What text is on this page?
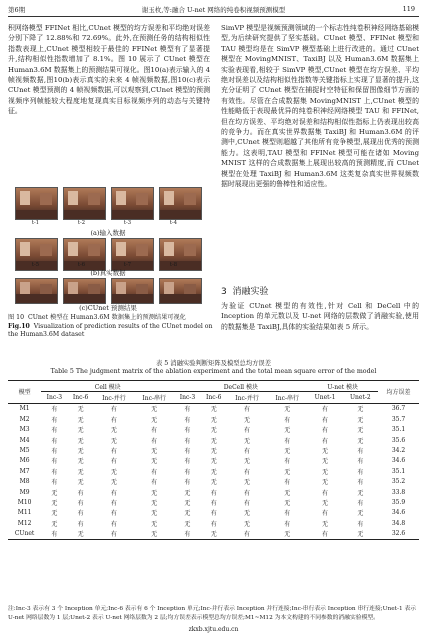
第6期	谢玉枚,等:融合 U-net 网络的纯卷积视频预测模型	119

积网络模型 FFINet 相比,CUnet 模型的均方误差和平均绝对误差分别下降了 12.88%和 72.69%。此外,在预测任务的结构相似性指数表现上,CUnet 模型相较于最佳的 FFINet 模型有了显著提升,结构相似性指数增加了 8.1%。图 10 展示了 CUnet 模型在 Human3.6M 数据集上的预测结果可视化。图10(a)表示输入的 4 帧视频数据,图10(b)表示真实的未来 4 帧视频数据,图10(c)表示 CUnet 模型预测的 4 帧视频数据,可以观察到,CUnet 模型的预测视频序列帧能较大程度地复现真实目标视频序列的动态与关键特征。

t-1	t-2	t-3	t-4
(a)输入数据
t-5	t-6	t-7	t-8
(b)真实数据
(c)CUnet 预测结果
图 10 CUnet 模型在 Human3.6M 数据集上的预测结果可视化
Fig.10 Visualization of prediction results of the CUnet model on the Human3.6M dataset

SimVP 模型是视频预测领域的一个标志性纯卷积神经网络基础模型,为后续研究提供了坚实基础。CUnet 模型、FFINet 模型和 TAU 模型均是在 SimVP 模型基础上进行改进的。通过 CUnet 模型在 MovingMNIST、TaxiBJ 以及 Human3.6M 数据集上实验表现看,相较于 SimVP 模型,CUnet 模型在均方误差、平均绝对误差以及结构相似性指数等关键指标上实现了显著的提升,这充分证明了 CUnet 模型在捕捉时空特征和保留图像细节方面的有效性。尽管在合成数据集 MovingMNIST 上,CUnet 模型的性能略低于表现最优异的纯卷积神经网络模型 TAU 和 FFINet,但在均方误差、平均绝对误差和结构相似性指标上仍表现出较高的竞争力。而在真实世界数据集 TaxiBJ 和 Human3.6M 的评测中,CUnet 模型则超越了其他所有竞争模型,展现出优秀的预测能力。这表明,TAU 模型和 FFINet 模型可能在诸如 Moving MNIST 这样的合成数据集上展现出较高的预测精度,而 CUnet 模型在处理 TaxiBJ 和 Human3.6M 这类复杂真实世界视频数据时展现出更强的鲁棒性和适应性。

3 消融实验

为验证 CUnet 模型的有效性,针对 Cell 和 DeCell 中的 Inception 的单元数以及 U-net 网络的层数做了消融实验,使用的数据集是 TaxiBJ,具体的实验结果如表 5 所示。

表 5 消融实验判断矩阵及模型总均方误差
Table 5 The judgment matrix of the ablation experiment and the total mean square error of the model
模型	Cell 模块				DeCell 模块				U-net 模块		均方误差
	Inc-3	Inc-6	Inc-并行	Inc-串行	Inc-3	Inc-6	Inc-并行	Inc-串行	Unet-1	Unet-2	
M1	有	无	有	无	有	无	有	无	有	无	36.7
M2	有	无	有	无	有	无	无	有	有	无	35.7
M3	有	无	无	有	有	无	有	无	有	无	35.1
M4	有	无	无	有	有	无	无	有	有	无	35.6
M5	有	无	有	无	有	无	有	无	无	有	34.2
M6	有	无	有	无	有	无	无	有	无	有	34.6
M7	有	无	无	有	有	无	有	无	无	有	35.1
M8	有	无	无	有	有	无	无	有	无	有	35.2
M9	无	有	有	无	无	有	有	无	有	无	33.8
M10	无	有	有	无	无	有	有	无	无	有	35.9
M11	无	有	有	无	无	有	无	有	有	无	34.6
M12	无	有	有	无	无	有	无	有	无	有	34.8
CUnet	有	无	有	无	有	无	有	无	有	无	32.6
注:Inc-3 表示有 3 个 Inception 单元;Inc-6 表示有 6 个 Inception 单元;Inc-并行表示 Inception 并行连接;Inc-串行表示 Inception 串行连接;Unet-1 表示 U-net 网络层数为 1 层;Unet-2 表示 U-net 网络层数为 2 层;均方误差表示模型总均方误差;M1~M12 为本文构建的不同参数的消融实验模型。
zkxb.xjtu.edu.cn
